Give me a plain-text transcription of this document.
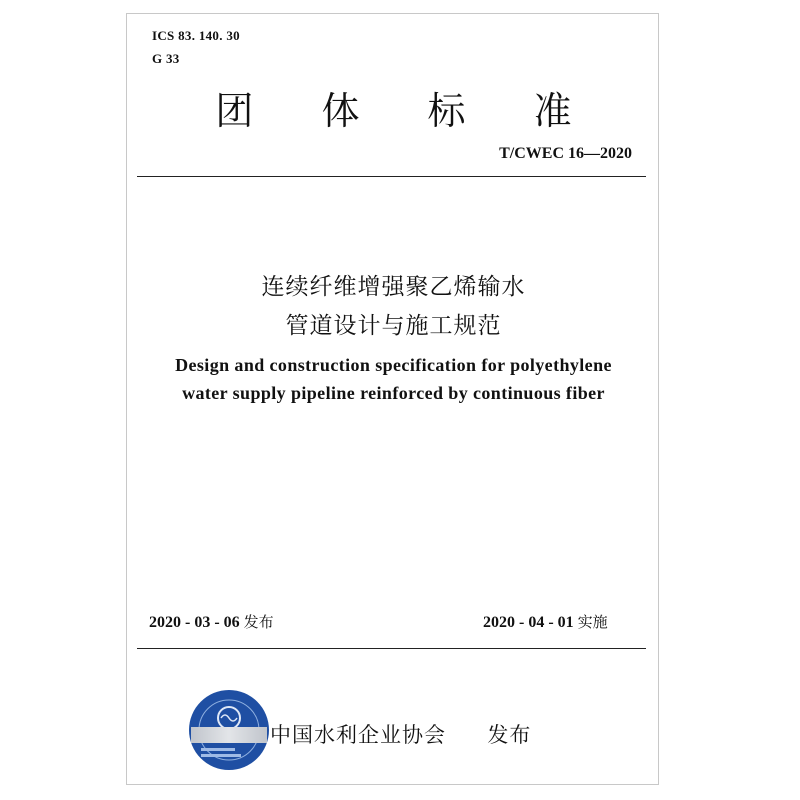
ICS 83. 140. 30
G 33
团 体 标 准
T/CWEC 16—2020
连续纤维增强聚乙烯输水
管道设计与施工规范
Design and construction specification for polyethylene
water supply pipeline reinforced by continuous fiber
2020 - 03 - 06 发布	2020 - 04 - 01 实施
中国水利企业协会 发布
